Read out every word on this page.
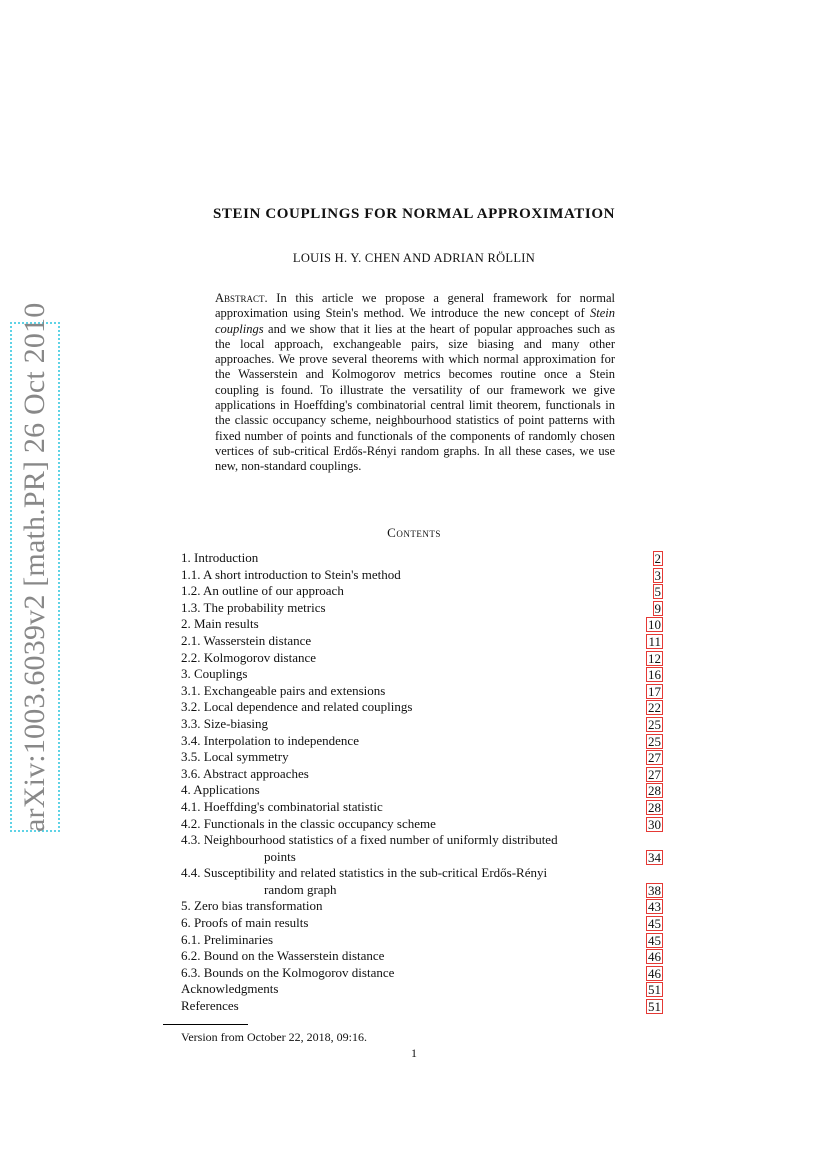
arXiv:1003.6039v2 [math.PR] 26 Oct 2010
STEIN COUPLINGS FOR NORMAL APPROXIMATION
LOUIS H. Y. CHEN AND ADRIAN RÖLLIN
Abstract. In this article we propose a general framework for normal approximation using Stein's method. We introduce the new concept of Stein couplings and we show that it lies at the heart of popular approaches such as the local approach, exchangeable pairs, size biasing and many other approaches. We prove several theorems with which normal approximation for the Wasserstein and Kolmogorov metrics becomes routine once a Stein coupling is found. To illustrate the versatility of our framework we give applications in Hoeffding's combinatorial central limit theorem, functionals in the classic occupancy scheme, neighbourhood statistics of point patterns with fixed number of points and functionals of the components of randomly chosen vertices of sub-critical Erdős-Rényi random graphs. In all these cases, we use new, non-standard couplings.
Contents
1. Introduction	2
1.1. A short introduction to Stein's method	3
1.2. An outline of our approach	5
1.3. The probability metrics	9
2. Main results	10
2.1. Wasserstein distance	11
2.2. Kolmogorov distance	12
3. Couplings	16
3.1. Exchangeable pairs and extensions	17
3.2. Local dependence and related couplings	22
3.3. Size-biasing	25
3.4. Interpolation to independence	25
3.5. Local symmetry	27
3.6. Abstract approaches	27
4. Applications	28
4.1. Hoeffding's combinatorial statistic	28
4.2. Functionals in the classic occupancy scheme	30
4.3. Neighbourhood statistics of a fixed number of uniformly distributed
points	34
4.4. Susceptibility and related statistics in the sub-critical Erdős-Rényi
random graph	38
5. Zero bias transformation	43
6. Proofs of main results	45
6.1. Preliminaries	45
6.2. Bound on the Wasserstein distance	46
6.3. Bounds on the Kolmogorov distance	46
Acknowledgments	51
References	51
Version from October 22, 2018, 09:16.
1
